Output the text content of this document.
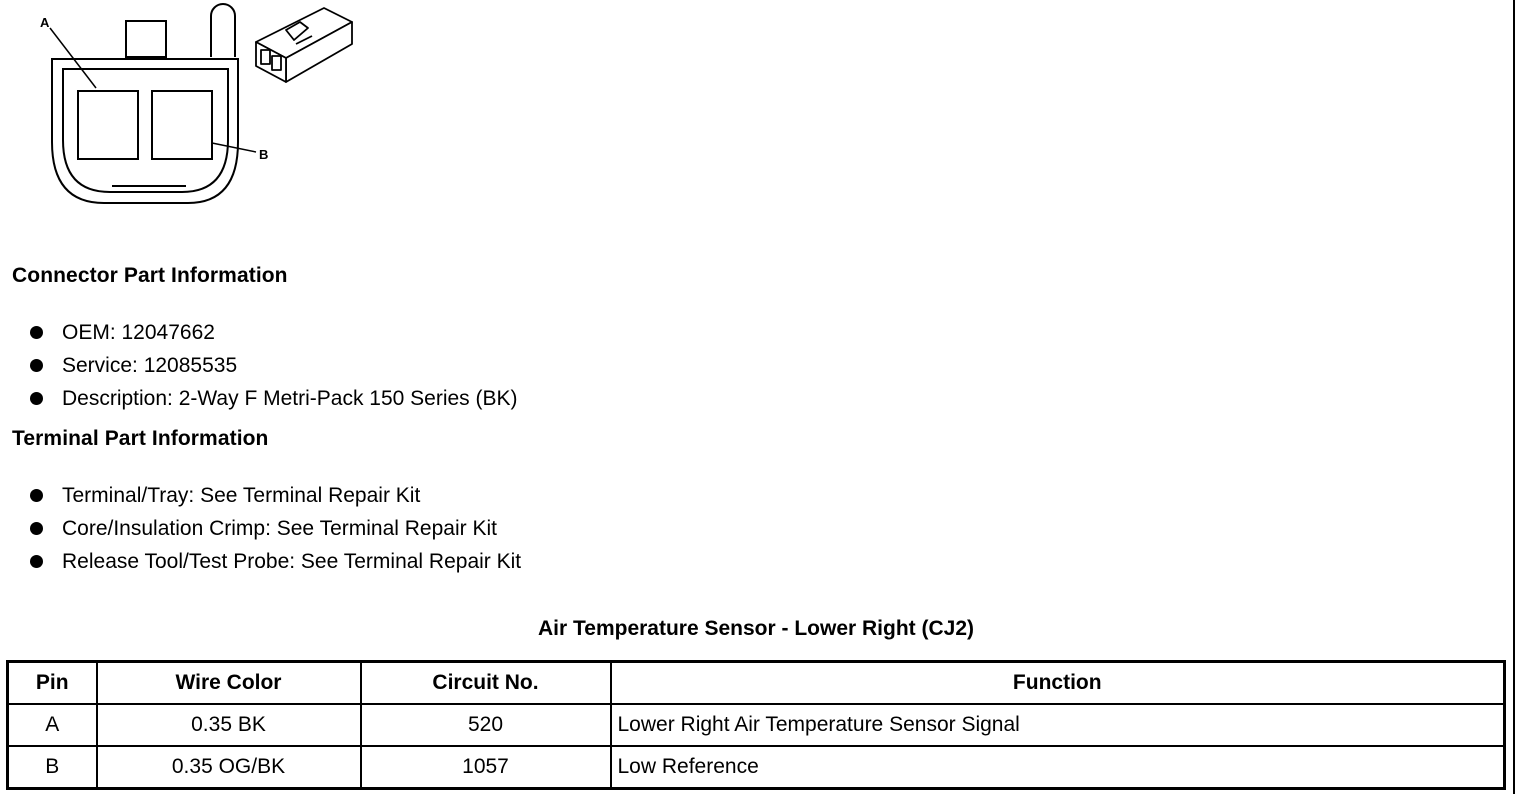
A
B
Connector Part Information
OEM: 12047662
Service: 12085535
Description: 2-Way F Metri-Pack 150 Series (BK)
Terminal Part Information
Terminal/Tray: See Terminal Repair Kit
Core/Insulation Crimp: See Terminal Repair Kit
Release Tool/Test Probe: See Terminal Repair Kit
Air Temperature Sensor - Lower Right (CJ2)
Pin	Wire Color	Circuit No.	Function
A	0.35 BK	520	Lower Right Air Temperature Sensor Signal
B	0.35 OG/BK	1057	Low Reference
